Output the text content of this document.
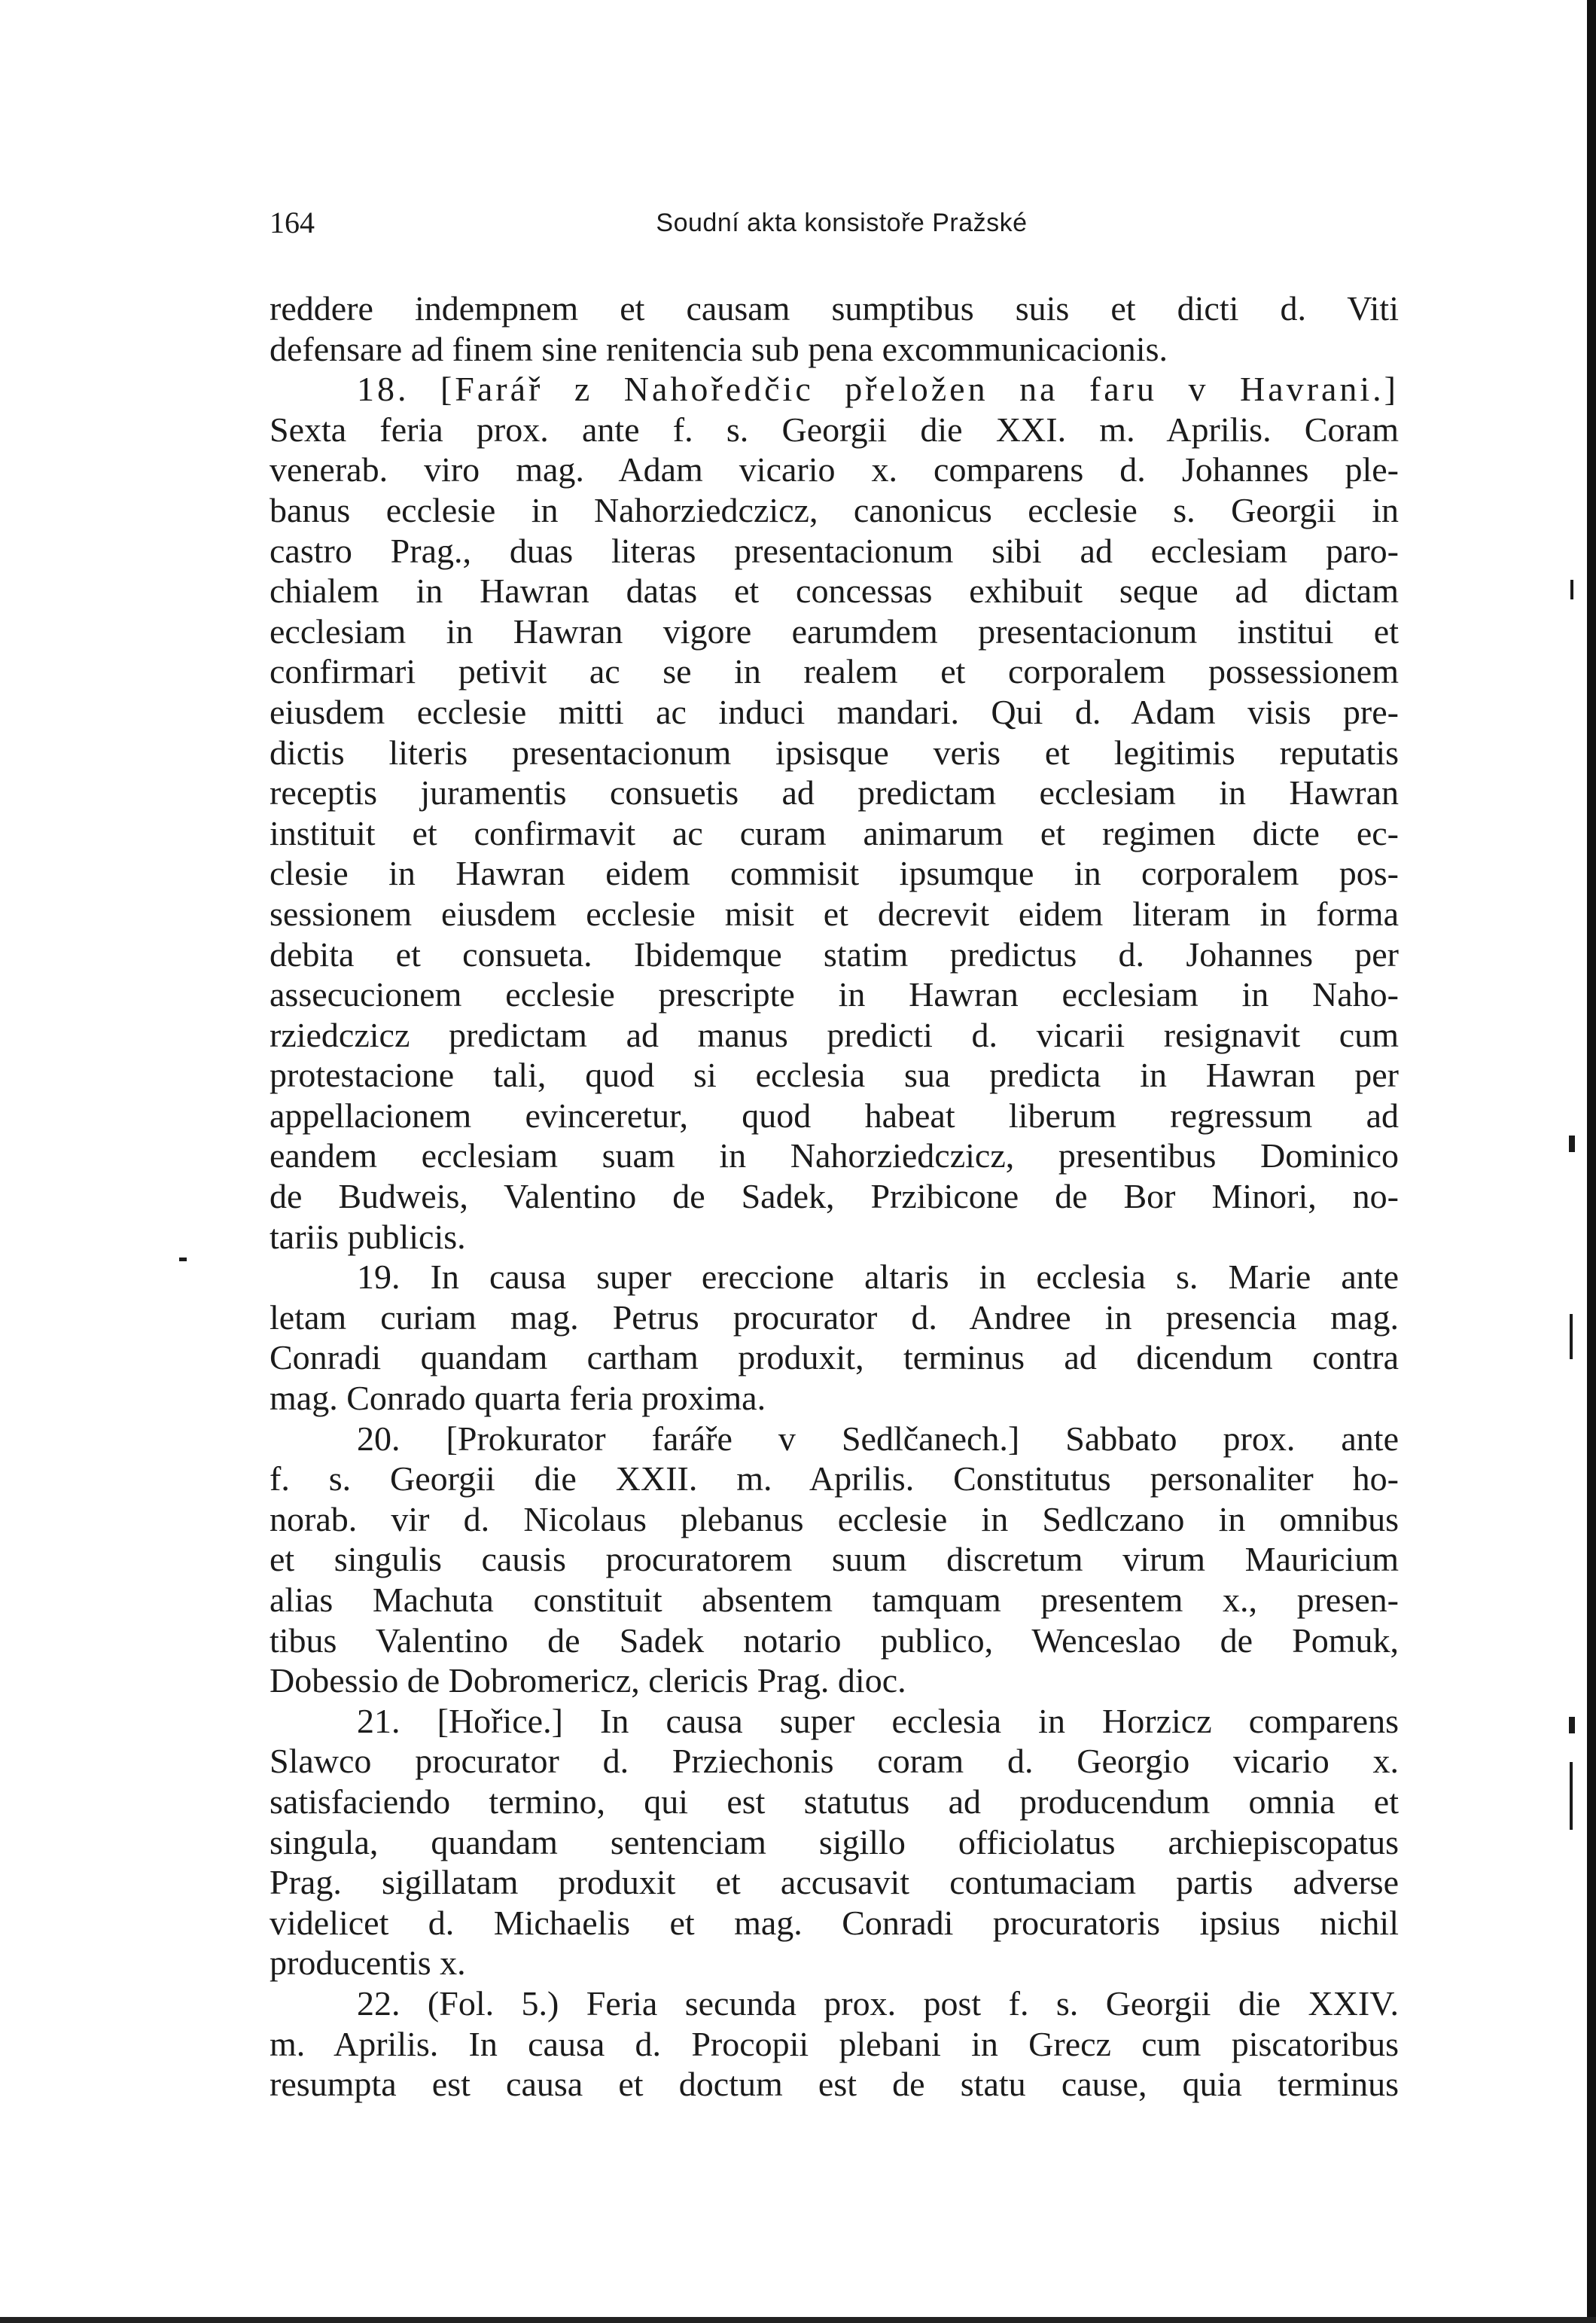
164	Soudní akta konsistoře Pražské
reddere indempnem et causam sumptibus suis et dicti d. Viti
defensare ad finem sine renitencia sub pena excommunicacionis.
18. [Farář z Nahoředčic přeložen na faru v Havrani.]
Sexta feria prox. ante f. s. Georgii die XXI. m. Aprilis. Coram
venerab. viro mag. Adam vicario x. comparens d. Johannes ple-
banus ecclesie in Nahorziedczicz, canonicus ecclesie s. Georgii in
castro Prag., duas literas presentacionum sibi ad ecclesiam paro-
chialem in Hawran datas et concessas exhibuit seque ad dictam
ecclesiam in Hawran vigore earumdem presentacionum institui et
confirmari petivit ac se in realem et corporalem possessionem
eiusdem ecclesie mitti ac induci mandari. Qui d. Adam visis pre-
dictis literis presentacionum ipsisque veris et legitimis reputatis
receptis juramentis consuetis ad predictam ecclesiam in Hawran
instituit et confirmavit ac curam animarum et regimen dicte ec-
clesie in Hawran eidem commisit ipsumque in corporalem pos-
sessionem eiusdem ecclesie misit et decrevit eidem literam in forma
debita et consueta. Ibidemque statim predictus d. Johannes per
assecucionem ecclesie prescripte in Hawran ecclesiam in Naho-
rziedczicz predictam ad manus predicti d. vicarii resignavit cum
protestacione tali, quod si ecclesia sua predicta in Hawran per
appellacionem evinceretur, quod habeat liberum regressum ad
eandem ecclesiam suam in Nahorziedczicz, presentibus Dominico
de Budweis, Valentino de Sadek, Przibicone de Bor Minori, no-
tariis publicis.
19. In causa super ereccione altaris in ecclesia s. Marie ante
letam curiam mag. Petrus procurator d. Andree in presencia mag.
Conradi quandam cartham produxit, terminus ad dicendum contra
mag. Conrado quarta feria proxima.
20. [Prokurator faráře v Sedlčanech.] Sabbato prox. ante
f. s. Georgii die XXII. m. Aprilis. Constitutus personaliter ho-
norab. vir d. Nicolaus plebanus ecclesie in Sedlczano in omnibus
et singulis causis procuratorem suum discretum virum Mauricium
alias Machuta constituit absentem tamquam presentem x., presen-
tibus Valentino de Sadek notario publico, Wenceslao de Pomuk,
Dobessio de Dobromericz, clericis Prag. dioc.
21. [Hořice.] In causa super ecclesia in Horzicz comparens
Slawco procurator d. Prziechonis coram d. Georgio vicario x.
satisfaciendo termino, qui est statutus ad producendum omnia et
singula, quandam sentenciam sigillo officiolatus archiepiscopatus
Prag. sigillatam produxit et accusavit contumaciam partis adverse
videlicet d. Michaelis et mag. Conradi procuratoris ipsius nichil
producentis x.
22. (Fol. 5.) Feria secunda prox. post f. s. Georgii die XXIV.
m. Aprilis. In causa d. Procopii plebani in Grecz cum piscatoribus
resumpta est causa et doctum est de statu cause, quia terminus
